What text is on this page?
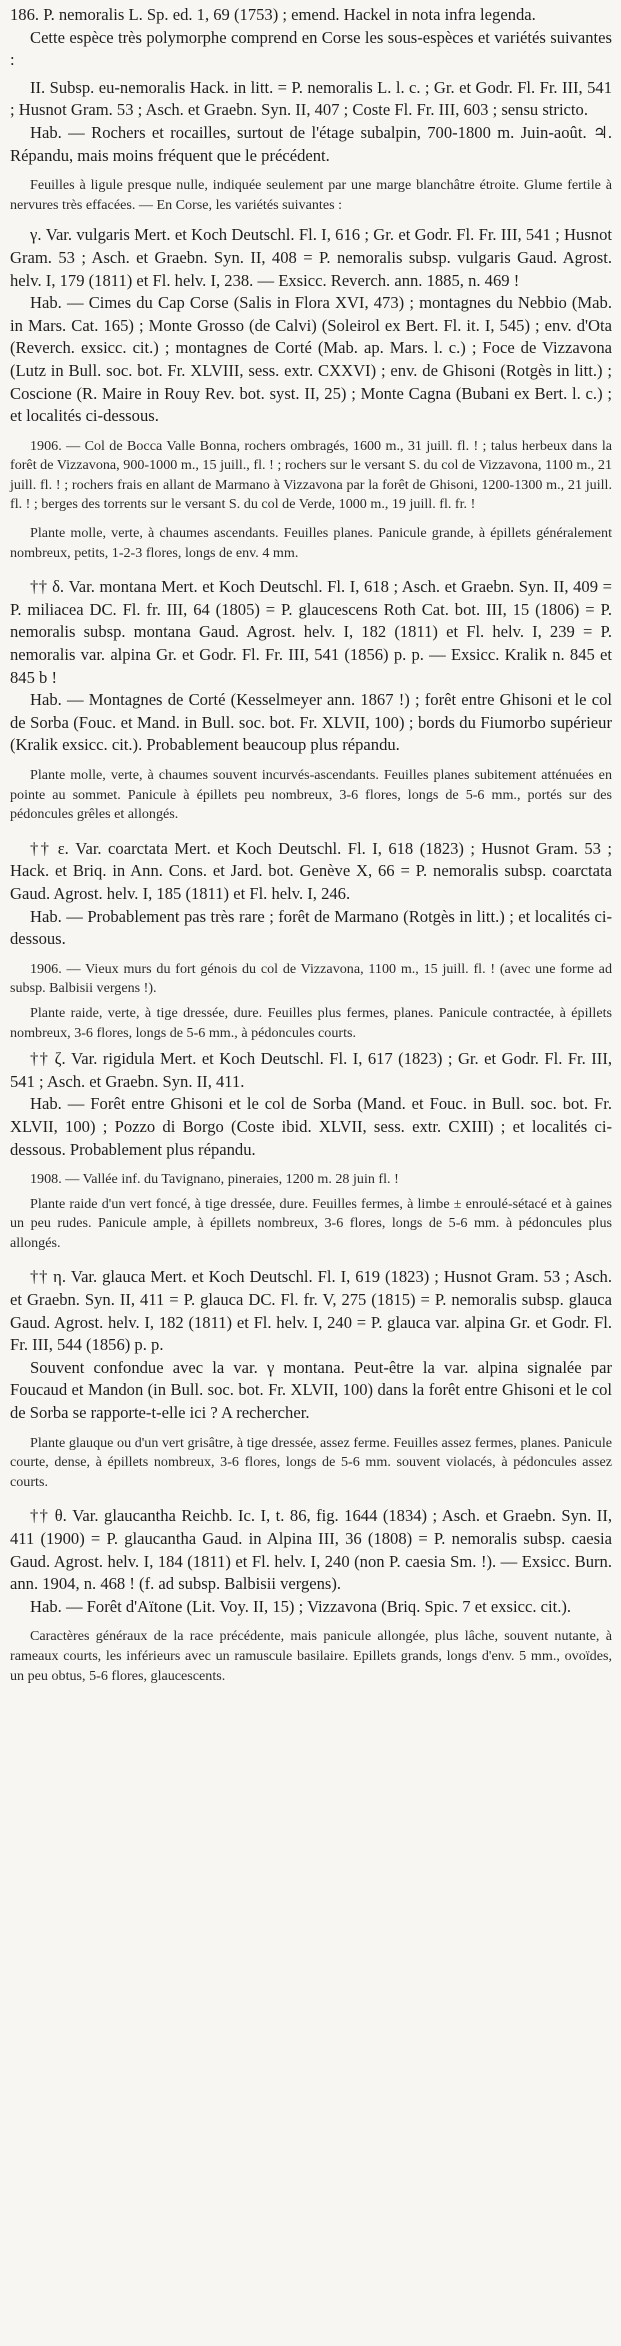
186. P. nemoralis L. Sp. ed. 1, 69 (1753) ; emend. Hackel in nota infra legenda.

Cette espèce très polymorphe comprend en Corse les sous-espèces et variétés suivantes :

II. Subsp. eu-nemoralis Hack. in litt. = P. nemoralis L. l. c. ; Gr. et Godr. Fl. Fr. III, 541 ; Husnot Gram. 53 ; Asch. et Graebn. Syn. II, 407 ; Coste Fl. Fr. III, 603 ; sensu stricto.

Hab. — Rochers et rocailles, surtout de l'étage subalpin, 700-1800 m. Juin-août. ♃. Répandu, mais moins fréquent que le précédent.

Feuilles à ligule presque nulle, indiquée seulement par une marge blanchâtre étroite. Glume fertile à nervures très effacées. — En Corse, les variétés suivantes :

γ. Var. vulgaris Mert. et Koch Deutschl. Fl. I, 616 ; Gr. et Godr. Fl. Fr. III, 541 ; Husnot Gram. 53 ; Asch. et Graebn. Syn. II, 408 = P. nemoralis subsp. vulgaris Gaud. Agrost. helv. I, 179 (1811) et Fl. helv. I, 238. — Exsicc. Reverch. ann. 1885, n. 469 !

Hab. — Cimes du Cap Corse (Salis in Flora XVI, 473) ; montagnes du Nebbio (Mab. in Mars. Cat. 165) ; Monte Grosso (de Calvi) (Soleirol ex Bert. Fl. it. I, 545) ; env. d'Ota (Reverch. exsicc. cit.) ; montagnes de Corté (Mab. ap. Mars. l. c.) ; Foce de Vizzavona (Lutz in Bull. soc. bot. Fr. XLVIII, sess. extr. CXXVI) ; env. de Ghisoni (Rotgès in litt.) ; Coscione (R. Maire in Rouy Rev. bot. syst. II, 25) ; Monte Cagna (Bubani ex Bert. l. c.) ; et localités ci-dessous.

1906. — Col de Bocca Valle Bonna, rochers ombragés, 1600 m., 31 juill. fl. ! ; talus herbeux dans la forêt de Vizzavona, 900-1000 m., 15 juill., fl. ! ; rochers sur le versant S. du col de Vizzavona, 1100 m., 21 juill. fl. ! ; rochers frais en allant de Marmano à Vizzavona par la forêt de Ghisoni, 1200-1300 m., 21 juill. fl. ! ; berges des torrents sur le versant S. du col de Verde, 1000 m., 19 juill. fl. fr. !

Plante molle, verte, à chaumes ascendants. Feuilles planes. Panicule grande, à épillets généralement nombreux, petits, 1-2-3 flores, longs de env. 4 mm.

†† δ. Var. montana Mert. et Koch Deutschl. Fl. I, 618 ; Asch. et Graebn. Syn. II, 409 = P. miliacea DC. Fl. fr. III, 64 (1805) = P. glaucescens Roth Cat. bot. III, 15 (1806) = P. nemoralis subsp. montana Gaud. Agrost. helv. I, 182 (1811) et Fl. helv. I, 239 = P. nemoralis var. alpina Gr. et Godr. Fl. Fr. III, 541 (1856) p. p. — Exsicc. Kralik n. 845 et 845 b !

Hab. — Montagnes de Corté (Kesselmeyer ann. 1867 !) ; forêt entre Ghisoni et le col de Sorba (Fouc. et Mand. in Bull. soc. bot. Fr. XLVII, 100) ; bords du Fiumorbo supérieur (Kralik exsicc. cit.). Probablement beaucoup plus répandu.

Plante molle, verte, à chaumes souvent incurvés-ascendants. Feuilles planes subitement atténuées en pointe au sommet. Panicule à épillets peu nombreux, 3-6 flores, longs de 5-6 mm., portés sur des pédoncules grêles et allongés.

†† ε. Var. coarctata Mert. et Koch Deutschl. Fl. I, 618 (1823) ; Husnot Gram. 53 ; Hack. et Briq. in Ann. Cons. et Jard. bot. Genève X, 66 = P. nemoralis subsp. coarctata Gaud. Agrost. helv. I, 185 (1811) et Fl. helv. I, 246.

Hab. — Probablement pas très rare ; forêt de Marmano (Rotgès in litt.) ; et localités ci-dessous.

1906. — Vieux murs du fort génois du col de Vizzavona, 1100 m., 15 juill. fl. ! (avec une forme ad subsp. Balbisii vergens !).

Plante raide, verte, à tige dressée, dure. Feuilles plus fermes, planes. Panicule contractée, à épillets nombreux, 3-6 flores, longs de 5-6 mm., à pédoncules courts.

†† ζ. Var. rigidula Mert. et Koch Deutschl. Fl. I, 617 (1823) ; Gr. et Godr. Fl. Fr. III, 541 ; Asch. et Graebn. Syn. II, 411.

Hab. — Forêt entre Ghisoni et le col de Sorba (Mand. et Fouc. in Bull. soc. bot. Fr. XLVII, 100) ; Pozzo di Borgo (Coste ibid. XLVII, sess. extr. CXIII) ; et localités ci-dessous. Probablement plus répandu.

1908. — Vallée inf. du Tavignano, pineraies, 1200 m. 28 juin fl. !

Plante raide d'un vert foncé, à tige dressée, dure. Feuilles fermes, à limbe ± enroulé-sétacé et à gaines un peu rudes. Panicule ample, à épillets nombreux, 3-6 flores, longs de 5-6 mm. à pédoncules plus allongés.

†† η. Var. glauca Mert. et Koch Deutschl. Fl. I, 619 (1823) ; Husnot Gram. 53 ; Asch. et Graebn. Syn. II, 411 = P. glauca DC. Fl. fr. V, 275 (1815) = P. nemoralis subsp. glauca Gaud. Agrost. helv. I, 182 (1811) et Fl. helv. I, 240 = P. glauca var. alpina Gr. et Godr. Fl. Fr. III, 544 (1856) p. p.

Souvent confondue avec la var. γ montana. Peut-être la var. alpina signalée par Foucaud et Mandon (in Bull. soc. bot. Fr. XLVII, 100) dans la forêt entre Ghisoni et le col de Sorba se rapporte-t-elle ici ? A rechercher.

Plante glauque ou d'un vert grisâtre, à tige dressée, assez ferme. Feuilles assez fermes, planes. Panicule courte, dense, à épillets nombreux, 3-6 flores, longs de 5-6 mm. souvent violacés, à pédoncules assez courts.

†† θ. Var. glaucantha Reichb. Ic. I, t. 86, fig. 1644 (1834) ; Asch. et Graebn. Syn. II, 411 (1900) = P. glaucantha Gaud. in Alpina III, 36 (1808) = P. nemoralis subsp. caesia Gaud. Agrost. helv. I, 184 (1811) et Fl. helv. I, 240 (non P. caesia Sm. !). — Exsicc. Burn. ann. 1904, n. 468 ! (f. ad subsp. Balbisii vergens).

Hab. — Forêt d'Aïtone (Lit. Voy. II, 15) ; Vizzavona (Briq. Spic. 7 et exsicc. cit.).

Caractères généraux de la race précédente, mais panicule allongée, plus lâche, souvent nutante, à rameaux courts, les inférieurs avec un ramuscule basilaire. Epillets grands, longs d'env. 5 mm., ovoïdes, un peu obtus, 5-6 flores, glaucescents.
